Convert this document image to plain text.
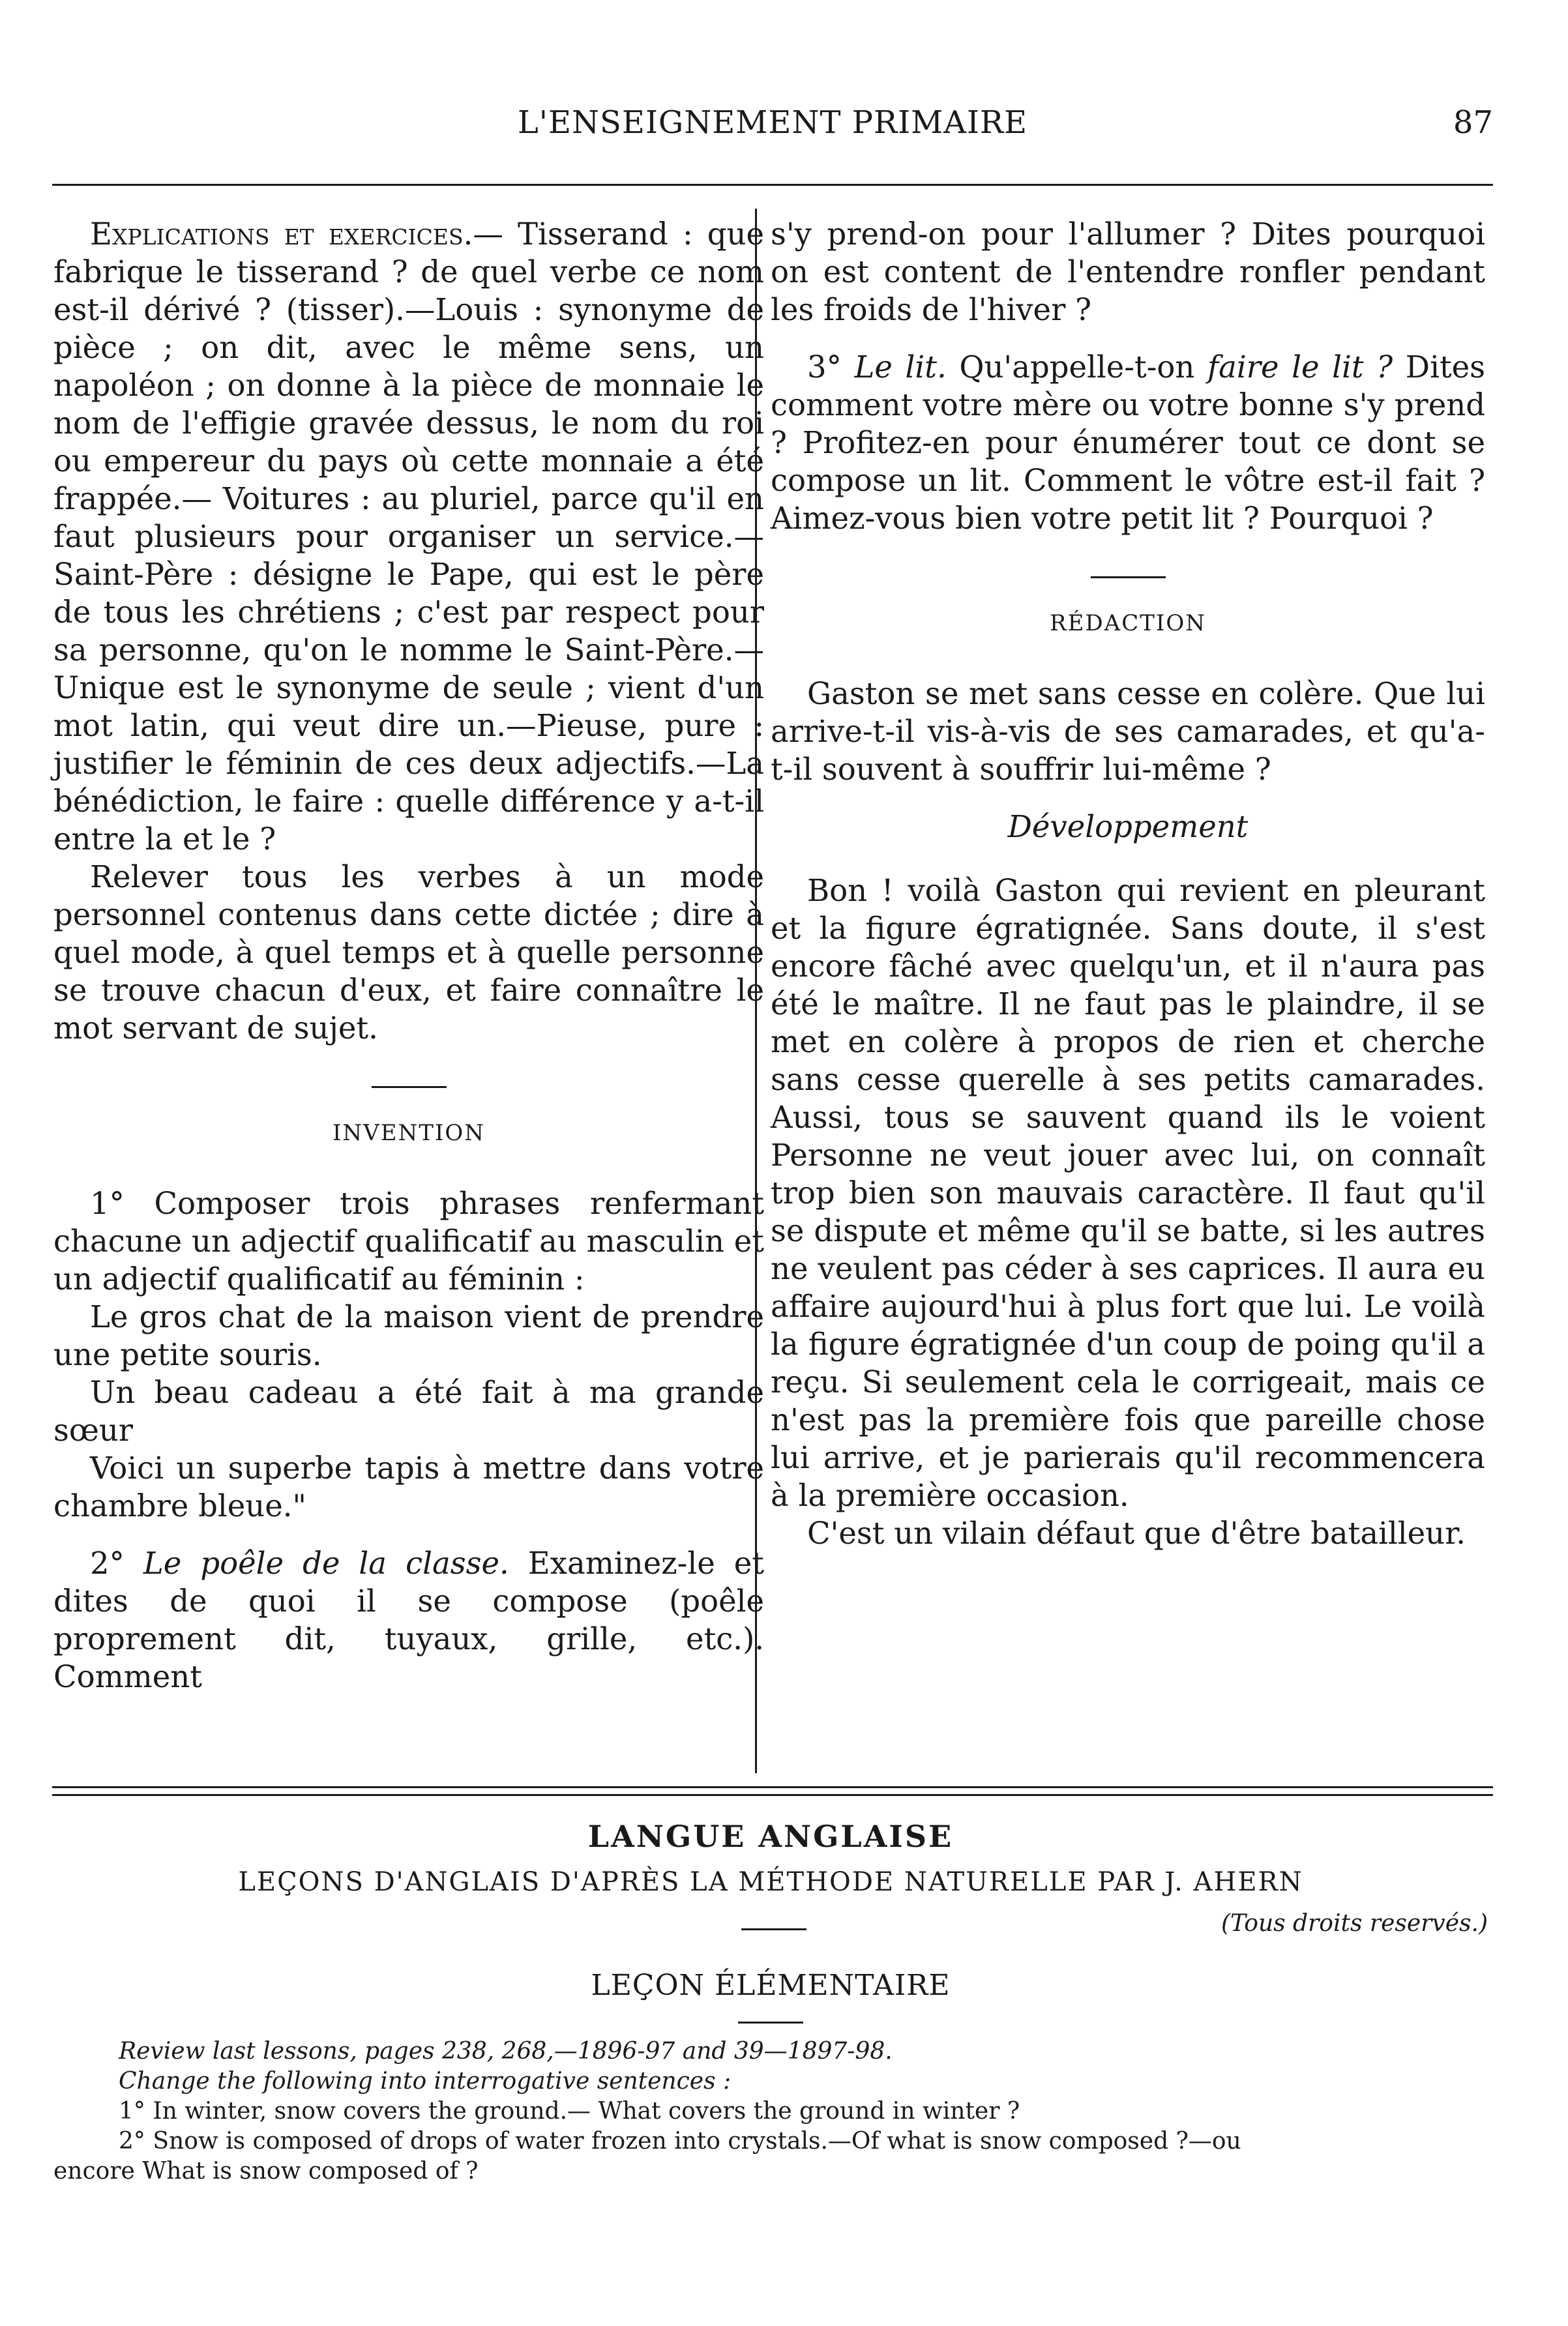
L'ENSEIGNEMENT PRIMAIRE	87

Explications et exercices.— Tisserand : que fabrique le tisserand ? de quel verbe ce nom est-il dérivé ? (tisser).—Louis : synonyme de pièce ; on dit, avec le même sens, un napoléon ; on donne à la pièce de monnaie le nom de l'effigie gravée dessus, le nom du roi ou empereur du pays où cette monnaie a été frappée.— Voitures : au pluriel, parce qu'il en faut plusieurs pour organiser un service.—Saint-Père : désigne le Pape, qui est le père de tous les chrétiens ; c'est par respect pour sa personne, qu'on le nomme le Saint-Père.— Unique est le synonyme de seule ; vient d'un mot latin, qui veut dire un.—Pieuse, pure : justifier le féminin de ces deux adjectifs.—La bénédiction, le faire : quelle différence y a-t-il entre la et le ?

Relever tous les verbes à un mode personnel contenus dans cette dictée ; dire à quel mode, à quel temps et à quelle personne se trouve chacun d'eux, et faire connaître le mot servant de sujet.

INVENTION

1° Composer trois phrases renfermant chacune un adjectif qualificatif au masculin et un adjectif qualificatif au féminin :

Le gros chat de la maison vient de prendre une petite souris.

Un beau cadeau a été fait à ma grande sœur

Voici un superbe tapis à mettre dans votre chambre bleue."

2° Le poêle de la classe. Examinez-le et dites de quoi il se compose (poêle proprement dit, tuyaux, grille, etc.). Comment

s'y prend-on pour l'allumer ? Dites pourquoi on est content de l'entendre ronfler pendant les froids de l'hiver ?

3° Le lit. Qu'appelle-t-on faire le lit ? Dites comment votre mère ou votre bonne s'y prend ? Profitez-en pour énumérer tout ce dont se compose un lit. Comment le vôtre est-il fait ? Aimez-vous bien votre petit lit ? Pourquoi ?

RÉDACTION

Gaston se met sans cesse en colère. Que lui arrive-t-il vis-à-vis de ses camarades, et qu'a-t-il souvent à souffrir lui-même ?

Développement

Bon ! voilà Gaston qui revient en pleurant et la figure égratignée. Sans doute, il s'est encore fâché avec quelqu'un, et il n'aura pas été le maître. Il ne faut pas le plaindre, il se met en colère à propos de rien et cherche sans cesse querelle à ses petits camarades. Aussi, tous se sauvent quand ils le voient Personne ne veut jouer avec lui, on connaît trop bien son mauvais caractère. Il faut qu'il se dispute et même qu'il se batte, si les autres ne veulent pas céder à ses caprices. Il aura eu affaire aujourd'hui à plus fort que lui. Le voilà la figure égratignée d'un coup de poing qu'il a reçu. Si seulement cela le corrigeait, mais ce n'est pas la première fois que pareille chose lui arrive, et je parierais qu'il recommencera à la première occasion.

C'est un vilain défaut que d'être batailleur.

LANGUE ANGLAISE
LEÇONS D'ANGLAIS D'APRÈS LA MÉTHODE NATURELLE PAR J. AHERN
(Tous droits reservés.)
LEÇON ÉLÉMENTAIRE

Review last lessons, pages 238, 268,—1896-97 and 39—1897-98.

Change the following into interrogative sentences :

1° In winter, snow covers the ground.— What covers the ground in winter ?

2° Snow is composed of drops of water frozen into crystals.—Of what is snow composed ?—ou

encore What is snow composed of ?
